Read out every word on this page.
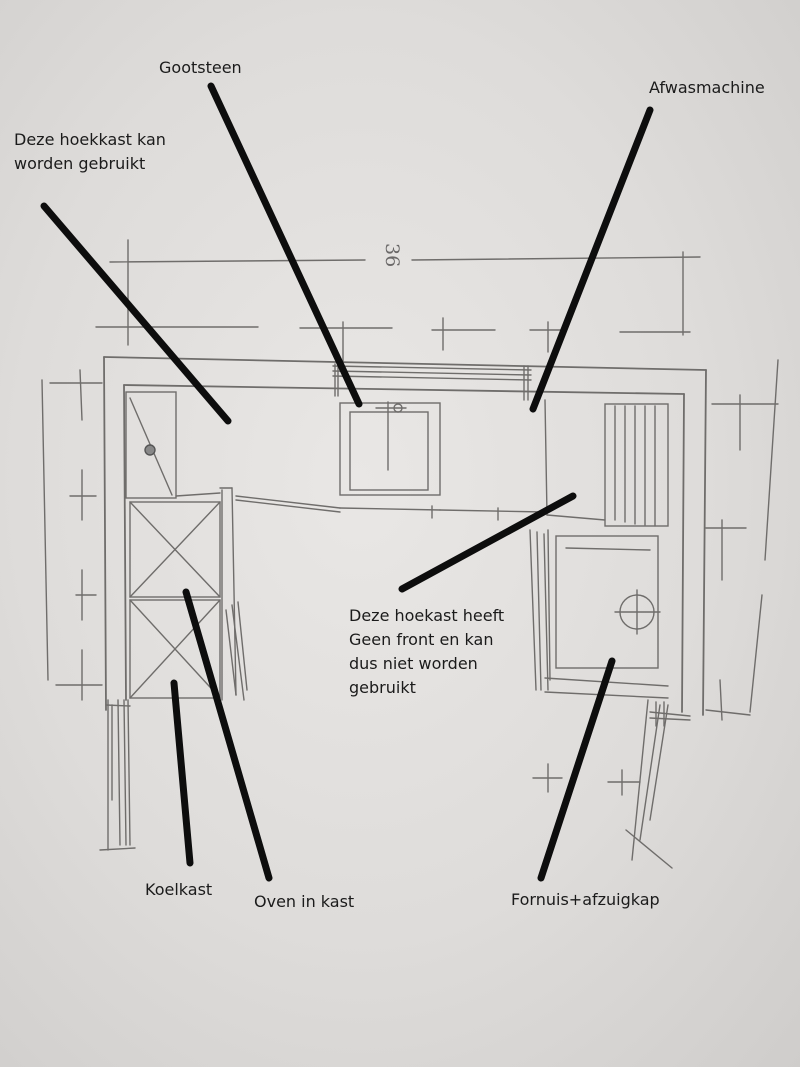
36
Gootsteen
Afwasmachine
Deze hoekkast kan
worden gebruikt
Deze hoekast heeft
Geen front en kan
dus niet worden
gebruikt
Koelkast
Oven in kast	Fornuis+afzuigkap
